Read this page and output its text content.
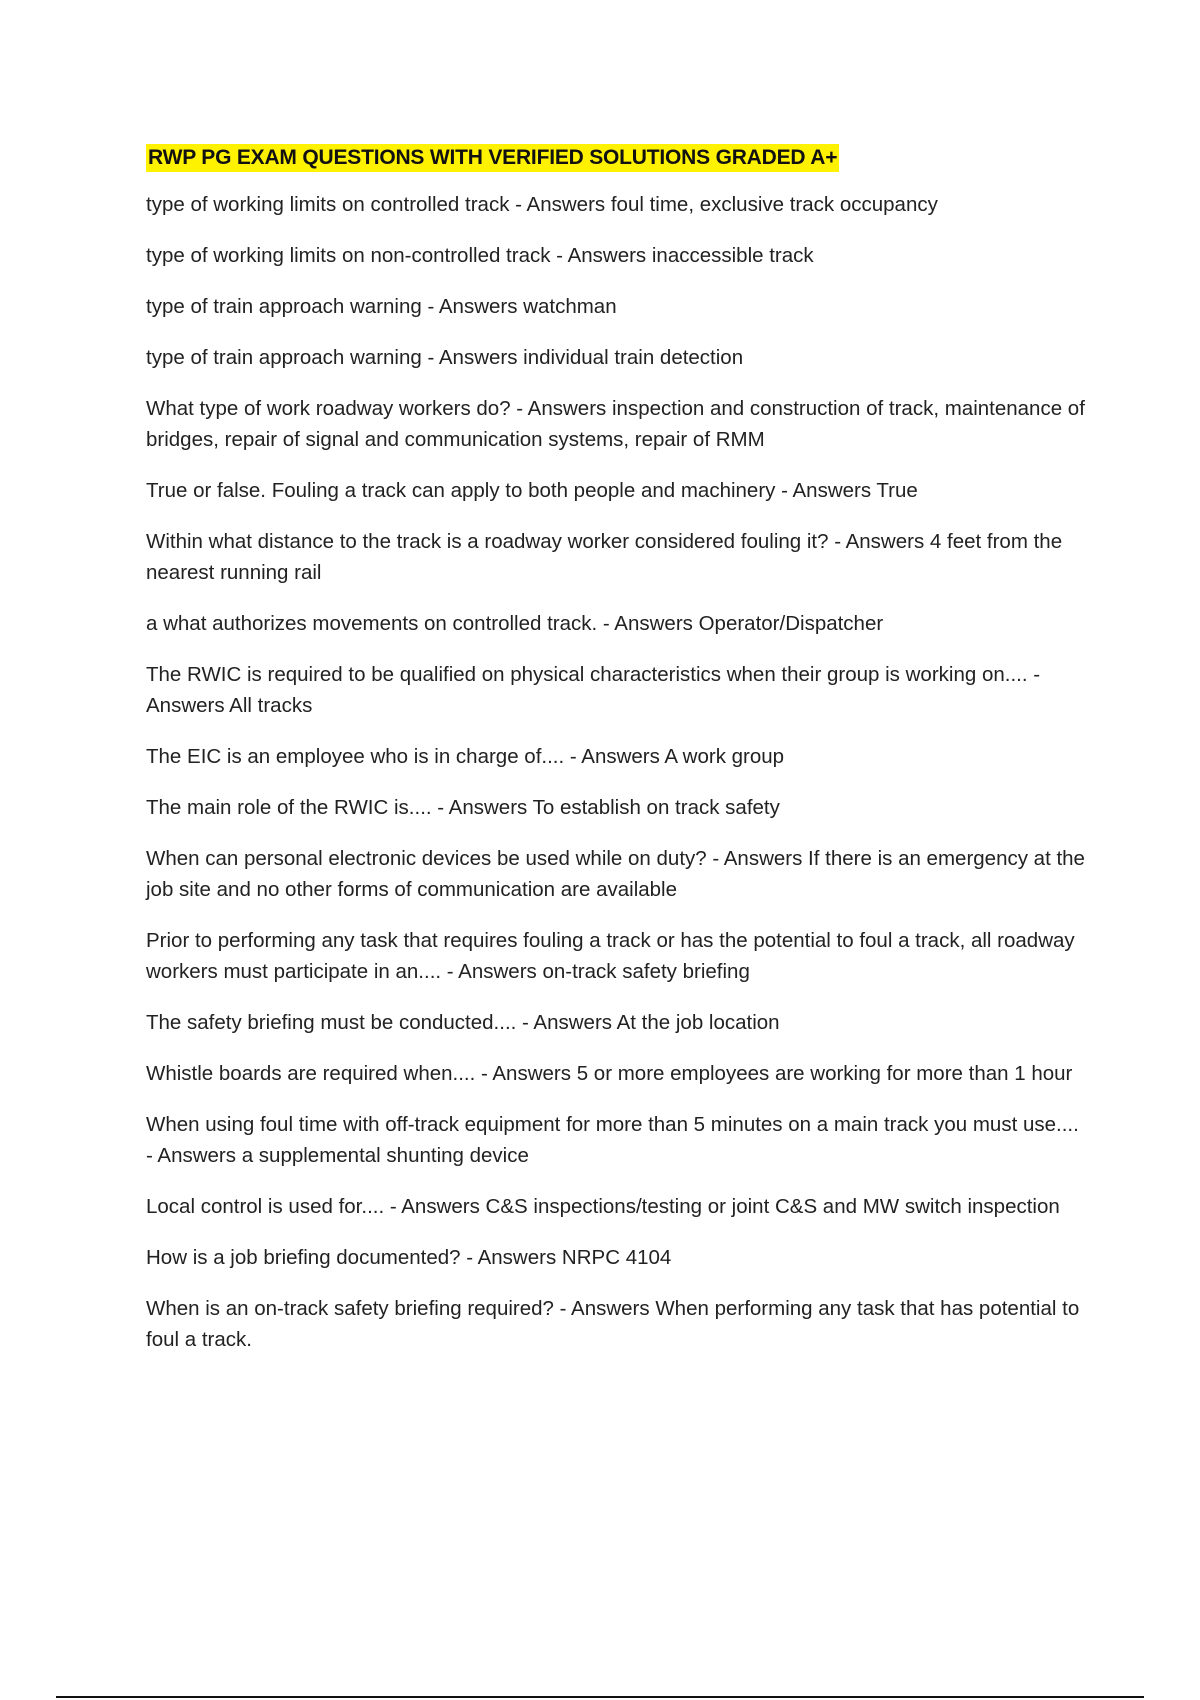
RWP PG EXAM QUESTIONS WITH VERIFIED SOLUTIONS GRADED A+
type of working limits on controlled track - Answers foul time, exclusive track occupancy
type of working limits on non-controlled track - Answers inaccessible track
type of train approach warning - Answers watchman
type of train approach warning - Answers individual train detection
What type of work roadway workers do? - Answers inspection and construction of track, maintenance of bridges, repair of signal and communication systems, repair of RMM
True or false. Fouling a track can apply to both people and machinery - Answers True
Within what distance to the track is a roadway worker considered fouling it? - Answers 4 feet from the nearest running rail
a what authorizes movements on controlled track. - Answers Operator/Dispatcher
The RWIC is required to be qualified on physical characteristics when their group is working on.... - Answers All tracks
The EIC is an employee who is in charge of.... - Answers A work group
The main role of the RWIC is.... - Answers To establish on track safety
When can personal electronic devices be used while on duty? - Answers If there is an emergency at the job site and no other forms of communication are available
Prior to performing any task that requires fouling a track or has the potential to foul a track, all roadway workers must participate in an.... - Answers on-track safety briefing
The safety briefing must be conducted.... - Answers At the job location
Whistle boards are required when.... - Answers 5 or more employees are working for more than 1 hour
When using foul time with off-track equipment for more than 5 minutes on a main track you must use.... - Answers a supplemental shunting device
Local control is used for.... - Answers C&S inspections/testing or joint C&S and MW switch inspection
How is a job briefing documented? - Answers NRPC 4104
When is an on-track safety briefing required? - Answers When performing any task that has potential to foul a track.
